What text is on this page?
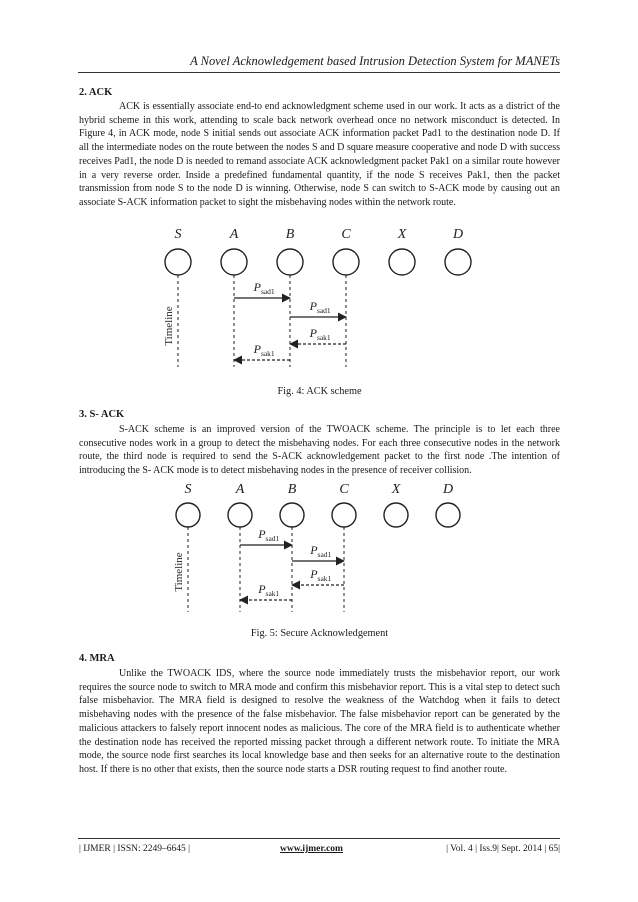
A Novel Acknowledgement based Intrusion Detection System for MANETs
2. ACK

ACK is essentially associate end-to end acknowledgment scheme used in our work. It acts as a district of the hybrid scheme in this work, attending to scale back network overhead once no network misconduct is detected. In Figure 4, in ACK mode, node S initial sends out associate ACK information packet Pad1 to the destination node D. If all the intermediate nodes on the route between the nodes S and D square measure cooperative and node D with success receives Pad1, the node D is needed to remand associate ACK acknowledgment packet Pak1 on a similar route however in a very reverse order. Inside a predefined fundamental quantity, if the node S receives Pak1, then the packet transmission from node S to the node D is winning. Otherwise, node S can switch to S-ACK mode by causing out an associate S-ACK information packet to sight the misbehaving nodes within the network route.

S	A	B	C	X	D
Timeline
$P_{sad1}$
$P_{sad1}$
$P_{sak1}$
$P_{sak1}$
Fig. 4: ACK scheme
3. S- ACK

S-ACK scheme is an improved version of the TWOACK scheme. The principle is to let each three consecutive nodes work in a group to detect the misbehaving nodes. For each three consecutive nodes in the network route, the third node is required to send the S-ACK acknowledgement packet to the first node .The intention of introducing the S- ACK mode is to detect misbehaving nodes in the presence of receiver collision.

S	A	B	C	X	D
Timeline
$P_{sad1}$
$P_{sad1}$
$P_{sak1}$
$P_{sak1}$
Fig. 5: Secure Acknowledgement
4. MRA

Unlike the TWOACK IDS, where the source node immediately trusts the misbehavior report, our work requires the source node to switch to MRA mode and confirm this misbehavior report. This is a vital step to detect such false misbehavior. The MRA field is designed to resolve the weakness of the Watchdog when it fails to detect misbehaving nodes with the presence of the false misbehavior. The false misbehavior report can be generated by the malicious attackers to falsely report innocent nodes as malicious. The core of the MRA field is to authenticate whether the destination node has received the reported missing packet through a different network route. To initiate the MRA mode, the source node first searches its local knowledge base and then seeks for an alternative route to the destination host. If there is no other that exists, then the source node starts a DSR routing request to find another route.

| IJMER | ISSN: 2249–6645 |	www.ijmer.com	| Vol. 4 | Iss.9| Sept. 2014 | 65|
